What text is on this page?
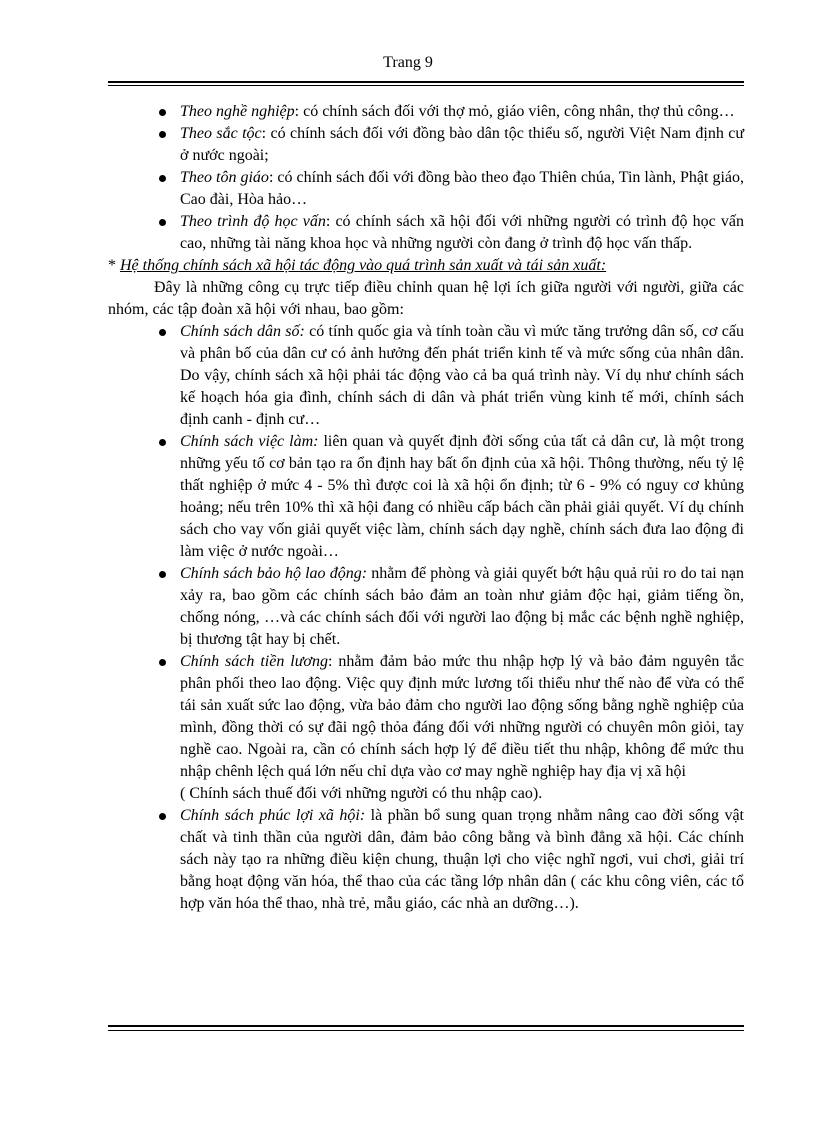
Trang 9
Theo nghề nghiệp: có chính sách đối với thợ mỏ, giáo viên, công nhân, thợ thủ công…
Theo sắc tộc: có chính sách đối với đồng bào dân tộc thiểu số, người Việt Nam định cư ở nước ngoài;
Theo tôn giáo: có chính sách đối với đồng bào theo đạo Thiên chúa, Tin lành, Phật giáo, Cao đài, Hòa hảo…
Theo trình độ học vấn: có chính sách xã hội đối với những người có trình độ học vấn cao, những tài năng khoa học và những người còn đang ở trình độ học vấn thấp.
* Hệ thống chính sách xã hội tác động vào quá trình sản xuất và tái sản xuất:
Đây là những công cụ trực tiếp điều chỉnh quan hệ lợi ích giữa người với người, giữa các nhóm, các tập đoàn xã hội với nhau, bao gồm:
Chính sách dân số: có tính quốc gia và tính toàn cầu vì mức tăng trưởng dân số, cơ cấu và phân bố của dân cư có ảnh hưởng đến phát triển kinh tế và mức sống của nhân dân. Do vậy, chính sách xã hội phải tác động vào cả ba quá trình này. Ví dụ như chính sách kế hoạch hóa gia đình, chính sách di dân và phát triển vùng kinh tế mới, chính sách định canh - định cư…
Chính sách việc làm: liên quan và quyết định đời sống của tất cả dân cư, là một trong những yếu tố cơ bản tạo ra ổn định hay bất ổn định của xã hội. Thông thường, nếu tỷ lệ thất nghiệp ở mức 4 - 5% thì được coi là xã hội ổn định; từ 6 - 9% có nguy cơ khủng hoảng; nếu trên 10% thì xã hội đang có nhiều cấp bách cần phải giải quyết. Ví dụ chính sách cho vay vốn giải quyết việc làm, chính sách dạy nghề, chính sách đưa lao động đi làm việc ở nước ngoài…
Chính sách bảo hộ lao động: nhằm để phòng và giải quyết bớt hậu quả rủi ro do tai nạn xảy ra, bao gồm các chính sách bảo đảm an toàn như giảm độc hại, giảm tiếng ồn, chống nóng, …và các chính sách đối với người lao động bị mắc các bệnh nghề nghiệp, bị thương tật hay bị chết.
Chính sách tiền lương: nhằm đảm bảo mức thu nhập hợp lý và bảo đảm nguyên tắc phân phối theo lao động. Việc quy định mức lương tối thiểu như thế nào để vừa có thể tái sản xuất sức lao động, vừa bảo đảm cho người lao động sống bằng nghề nghiệp của mình, đồng thời có sự đãi ngộ thỏa đáng đối với những người có chuyên môn giỏi, tay nghề cao. Ngoài ra, cần có chính sách hợp lý để điều tiết thu nhập, không để mức thu nhập chênh lệch quá lớn nếu chỉ dựa vào cơ may nghề nghiệp hay địa vị xã hội
( Chính sách thuế đối với những người có thu nhập cao).
Chính sách phúc lợi xã hội: là phần bổ sung quan trọng nhằm nâng cao đời sống vật chất và tinh thần của người dân, đảm bảo công bằng và bình đẳng xã hội. Các chính sách này tạo ra những điều kiện chung, thuận lợi cho việc nghĩ ngơi, vui chơi, giải trí bằng hoạt động văn hóa, thể thao của các tầng lớp nhân dân ( các khu công viên, các tổ hợp văn hóa thể thao, nhà trẻ, mẫu giáo, các nhà an dưỡng…).
